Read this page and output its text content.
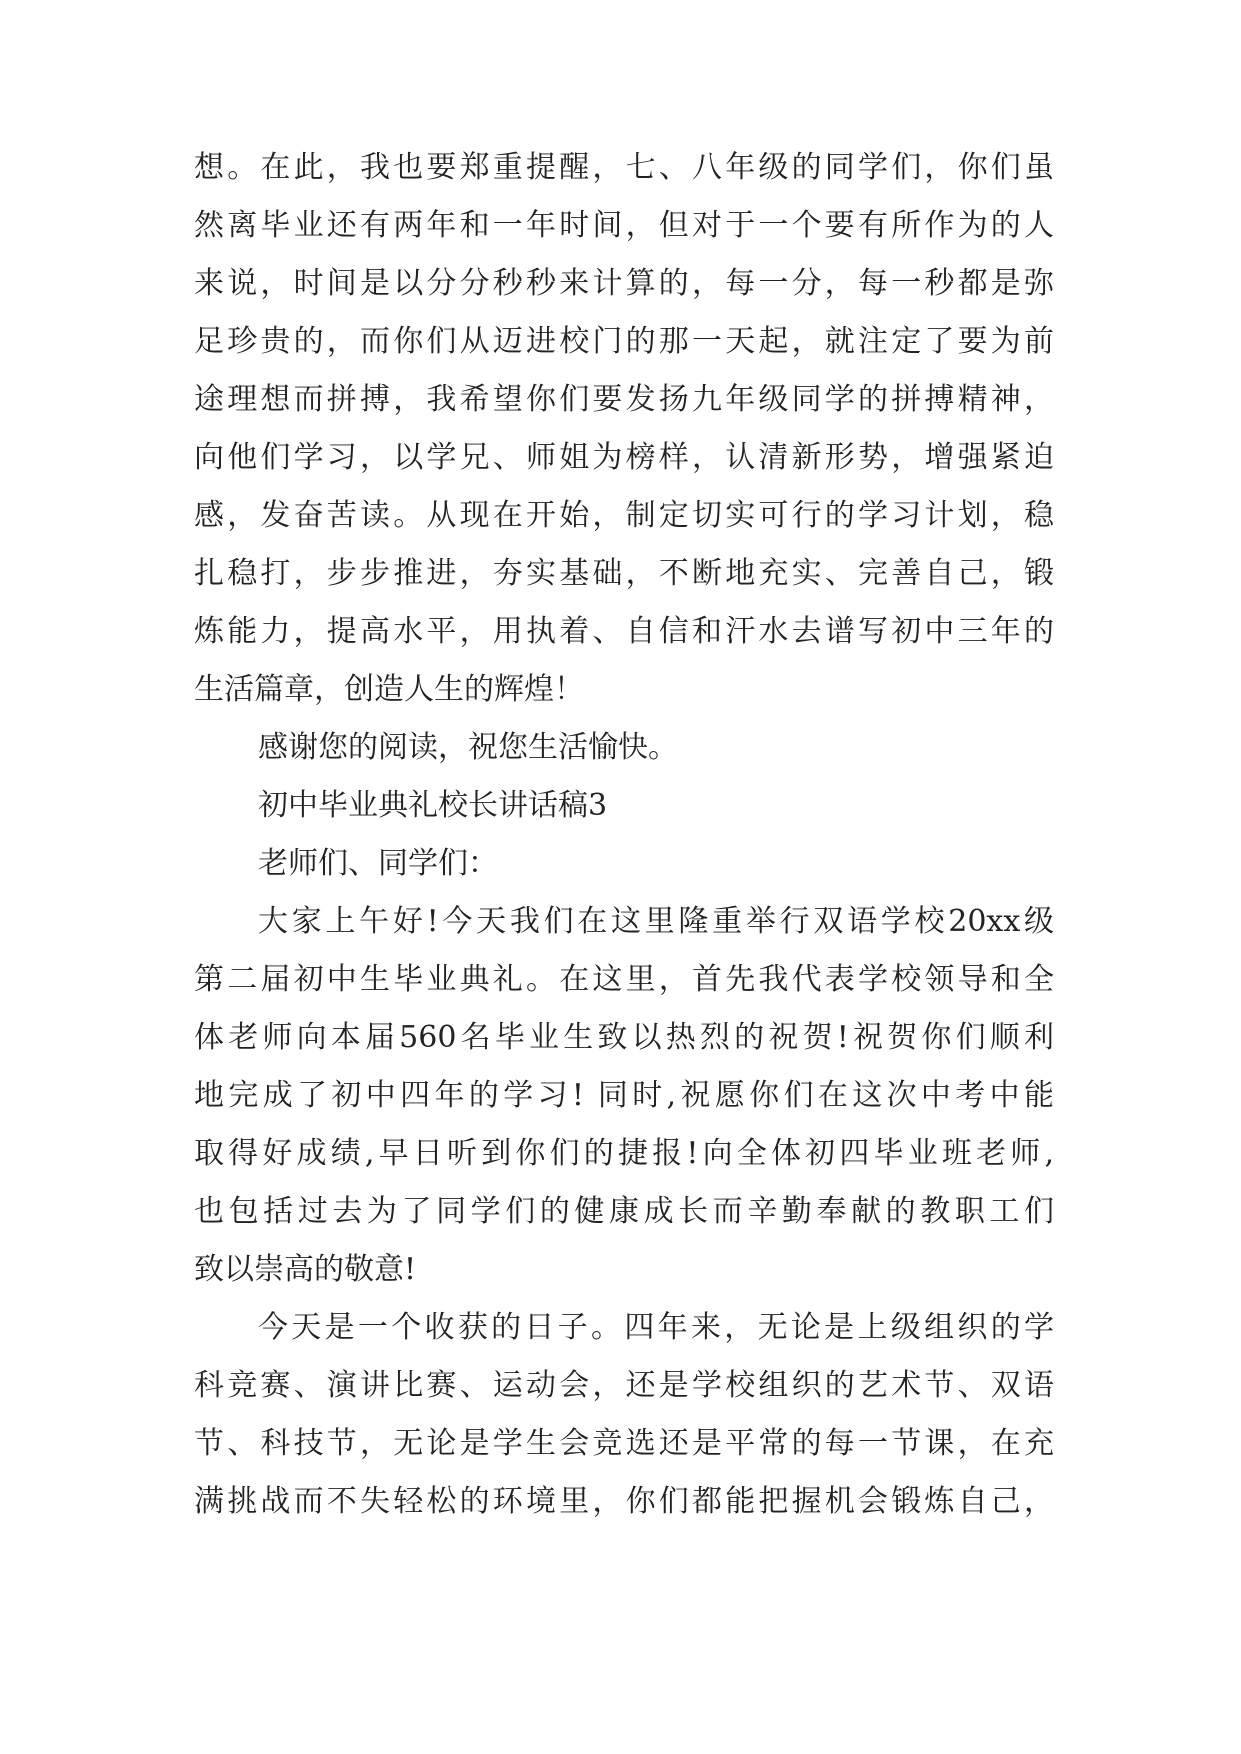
想。在此，我也要郑重提醒，七、八年级的同学们，你们虽
然离毕业还有两年和一年时间，但对于一个要有所作为的人
来说，时间是以分分秒秒来计算的，每一分，每一秒都是弥
足珍贵的，而你们从迈进校门的那一天起，就注定了要为前
途理想而拼搏，我希望你们要发扬九年级同学的拼搏精神，
向他们学习，以学兄、师姐为榜样，认清新形势，增强紧迫
感，发奋苦读。从现在开始，制定切实可行的学习计划，稳
扎稳打，步步推进，夯实基础，不断地充实、完善自己，锻
炼能力，提高水平，用执着、自信和汗水去谱写初中三年的
生活篇章，创造人生的辉煌！
感谢您的阅读，祝您生活愉快。
初中毕业典礼校长讲话稿3
老师们、同学们：
大家上午好!今天我们在这里隆重举行双语学校20xx级
第二届初中生毕业典礼。在这里，首先我代表学校领导和全
体老师向本届560名毕业生致以热烈的祝贺!祝贺你们顺利
地完成了初中四年的学习! 同时,祝愿你们在这次中考中能
取得好成绩,早日听到你们的捷报!向全体初四毕业班老师,
也包括过去为了同学们的健康成长而辛勤奉献的教职工们
致以崇高的敬意!
今天是一个收获的日子。四年来，无论是上级组织的学
科竞赛、演讲比赛、运动会，还是学校组织的艺术节、双语
节、科技节，无论是学生会竞选还是平常的每一节课，在充
满挑战而不失轻松的环境里，你们都能把握机会锻炼自己，
